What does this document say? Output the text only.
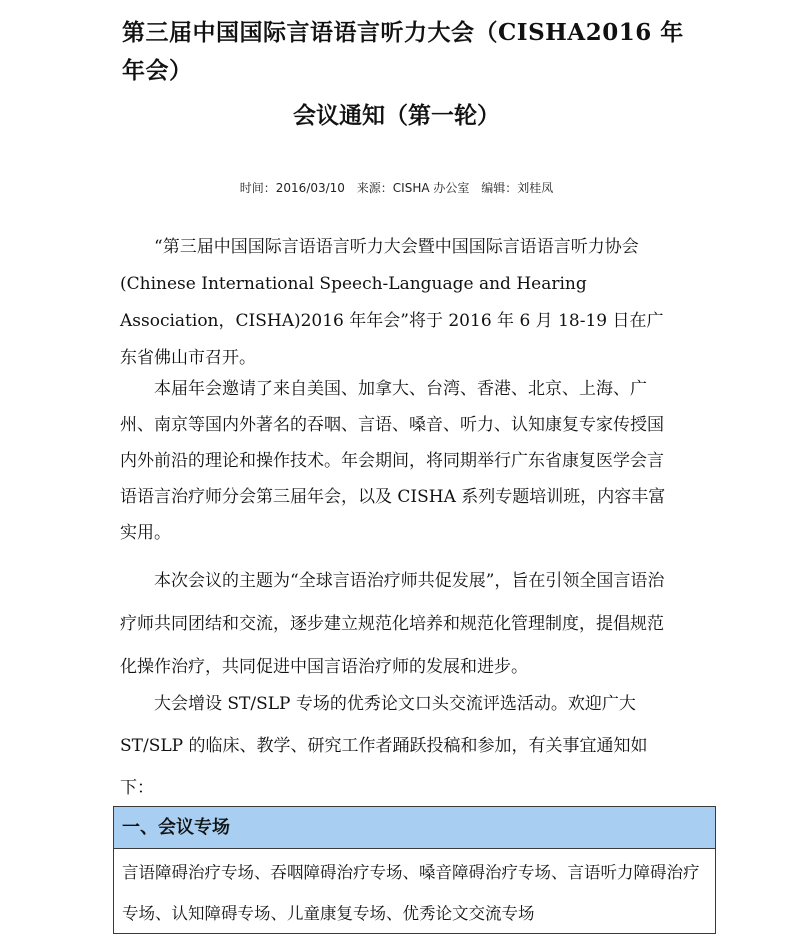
第三届中国国际言语语言听力大会（CISHA2016 年年会）
会议通知（第一轮）
时间：2016/03/10 来源：CISHA 办公室 编辑：刘桂凤

“第三届中国国际言语语言听力大会暨中国国际言语语言听力协会(Chinese International Speech-Language and Hearing Association，CISHA)2016 年年会”将于 2016 年 6 月 18-19 日在广东省佛山市召开。

本届年会邀请了来自美国、加拿大、台湾、香港、北京、上海、广州、南京等国内外著名的吞咽、言语、嗓音、听力、认知康复专家传授国内外前沿的理论和操作技术。年会期间，将同期举行广东省康复医学会言语语言治疗师分会第三届年会，以及 CISHA 系列专题培训班，内容丰富实用。

本次会议的主题为“全球言语治疗师共促发展”，旨在引领全国言语治疗师共同团结和交流，逐步建立规范化培养和规范化管理制度，提倡规范化操作治疗，共同促进中国言语治疗师的发展和进步。

大会增设 ST/SLP 专场的优秀论文口头交流评选活动。欢迎广大 ST/SLP 的临床、教学、研究工作者踊跃投稿和参加，有关事宜通知如下：

一、会议专场
言语障碍治疗专场、吞咽障碍治疗专场、嗓音障碍治疗专场、言语听力障碍治疗专场、认知障碍专场、儿童康复专场、优秀论文交流专场
